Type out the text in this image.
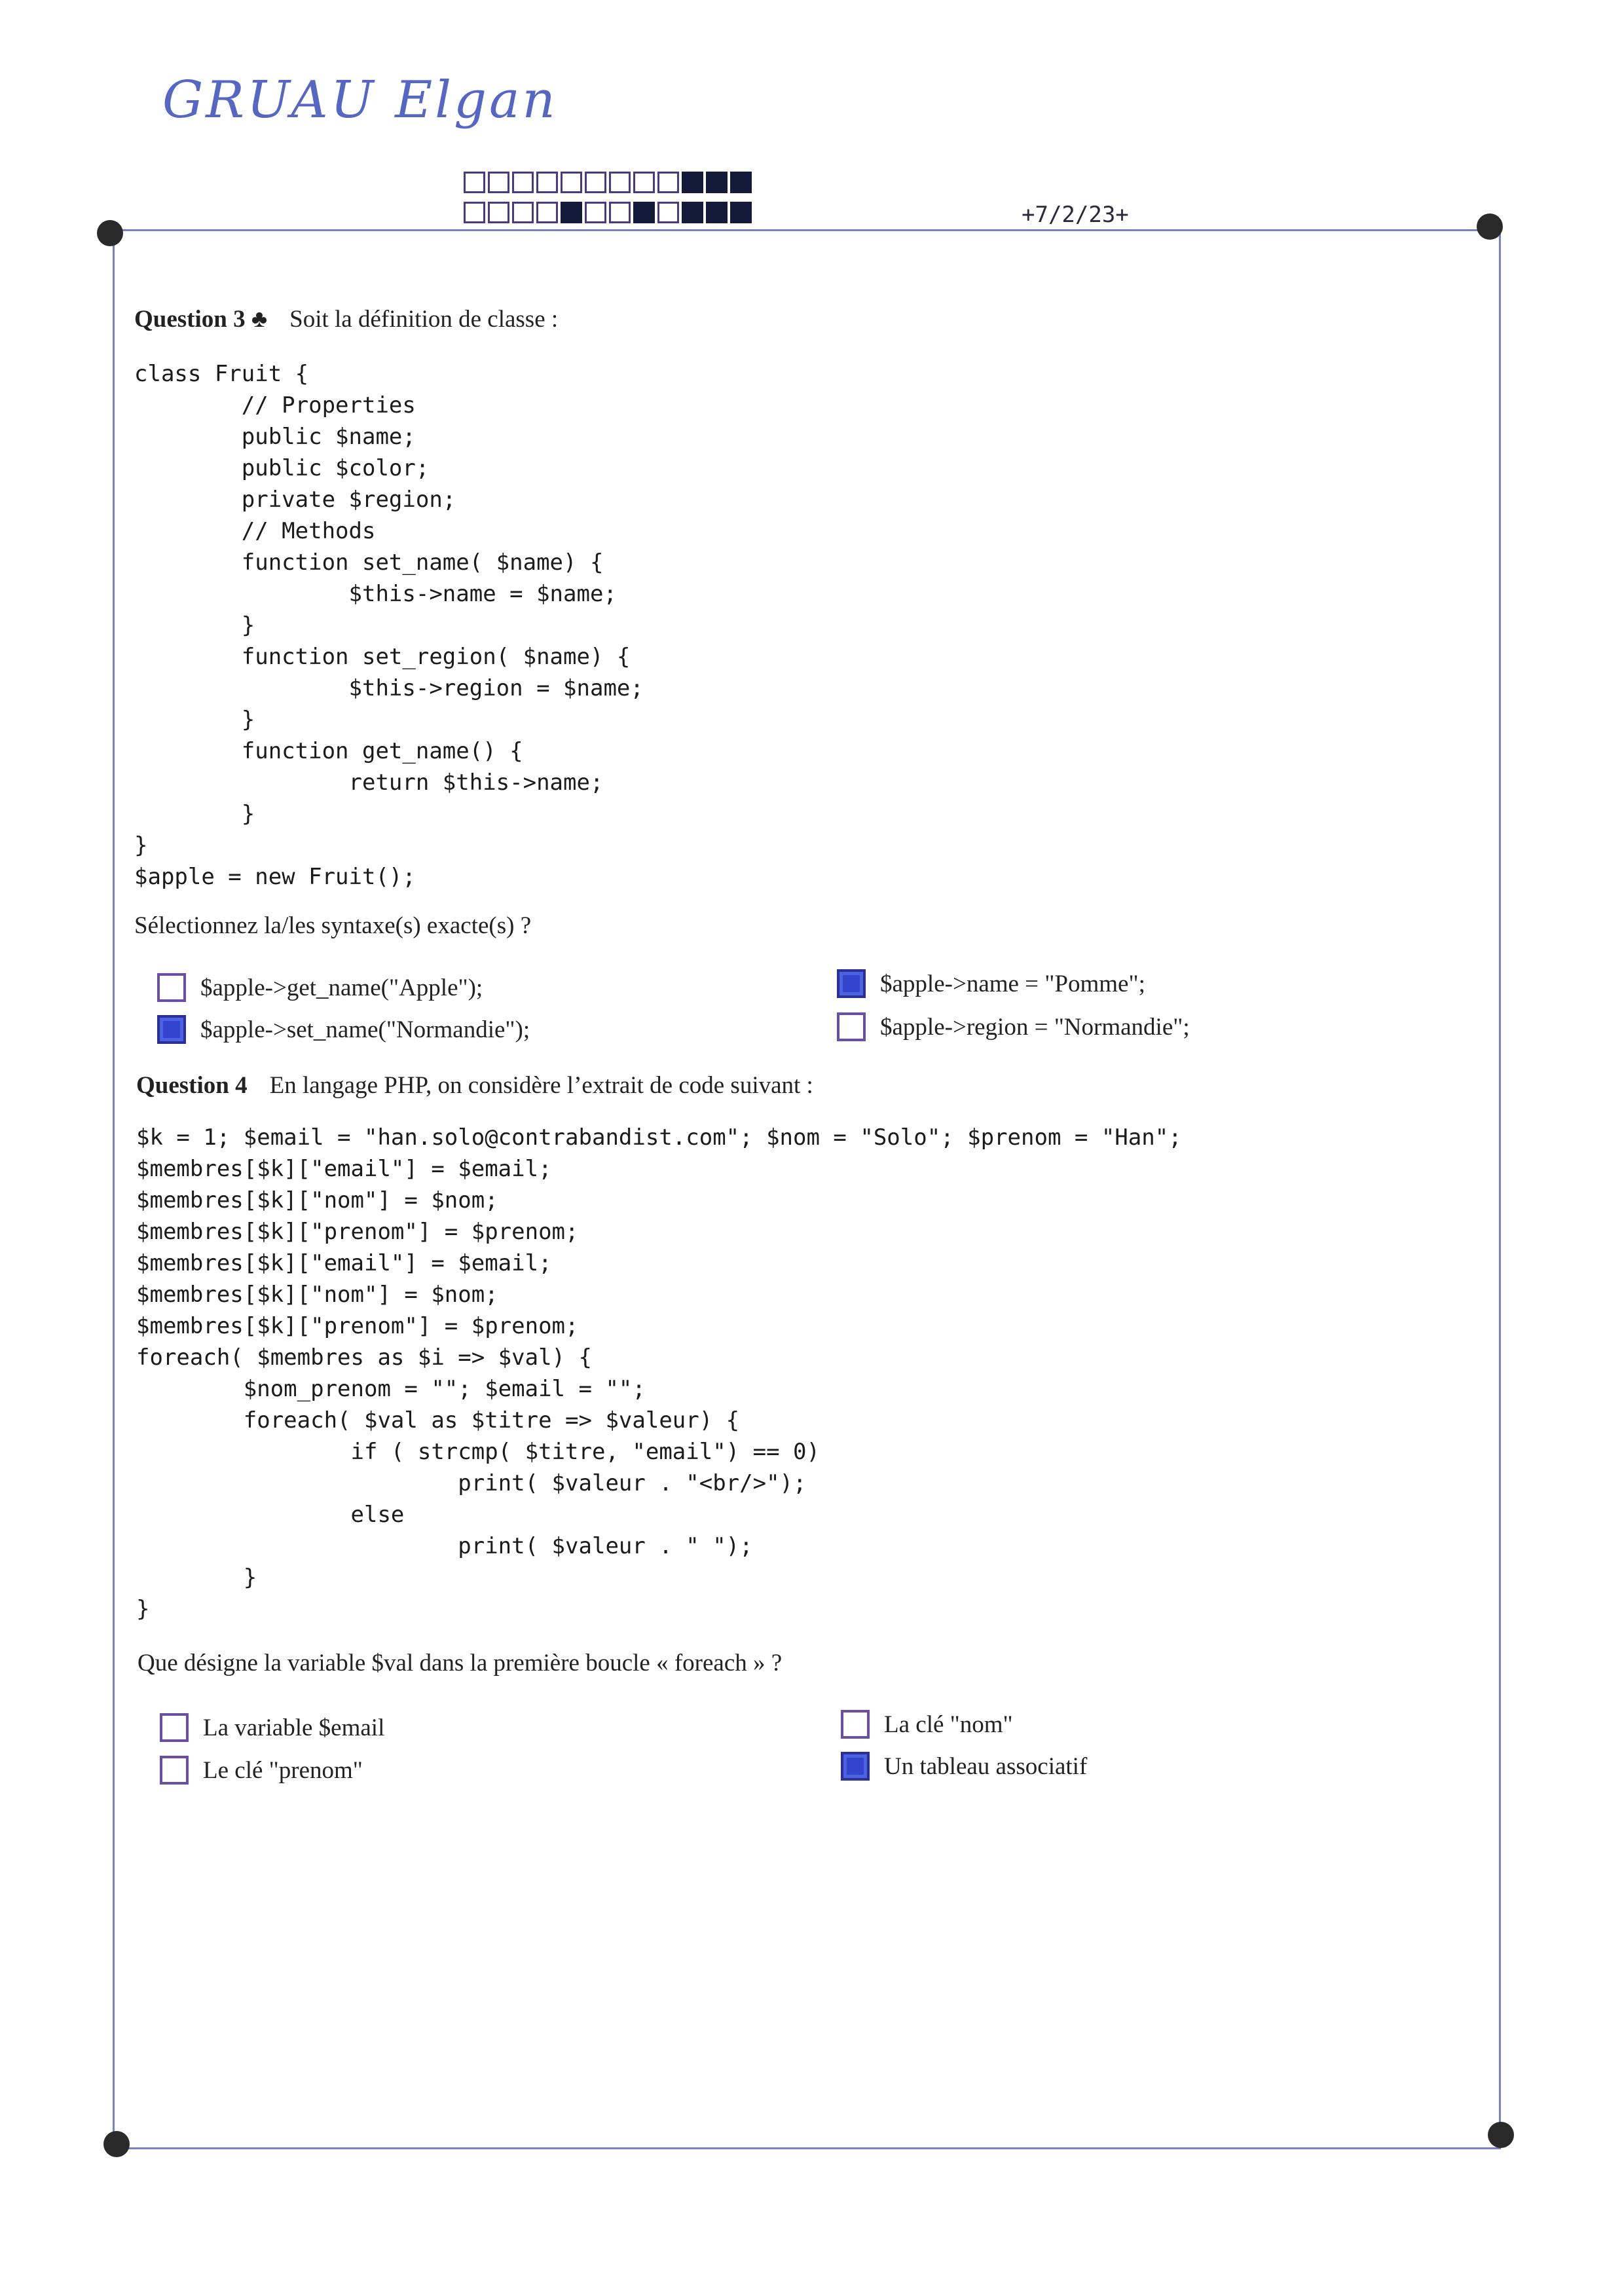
GRUAU Elgan
+7/2/23+
Question 3 ♣ Soit la définition de classe :
class Fruit {
// Properties
public $name;
public $color;
private $region;
// Methods
function set_name( $name) {
$this->name = $name;
}
function set_region( $name) {
$this->region = $name;
}
function get_name() {
return $this->name;
}
}
$apple = new Fruit();
Sélectionnez la/les syntaxe(s) exacte(s) ?
$apple->get_name("Apple");
$apple->set_name("Normandie");
$apple->name = "Pomme";
$apple->region = "Normandie";
Question 4 En langage PHP, on considère l’extrait de code suivant :
$k = 1; $email = "han.solo@contrabandist.com"; $nom = "Solo"; $prenom = "Han";
$membres[$k]["email"] = $email;
$membres[$k]["nom"] = $nom;
$membres[$k]["prenom"] = $prenom;
$membres[$k]["email"] = $email;
$membres[$k]["nom"] = $nom;
$membres[$k]["prenom"] = $prenom;
foreach( $membres as $i => $val) {
$nom_prenom = ""; $email = "";
foreach( $val as $titre => $valeur) {
if ( strcmp( $titre, "email") == 0)
print( $valeur . "<br/>");
else
print( $valeur . " ");
}
}
Que désigne la variable $val dans la première boucle « foreach » ?
La variable $email
Le clé "prenom"
La clé "nom"
Un tableau associatif
